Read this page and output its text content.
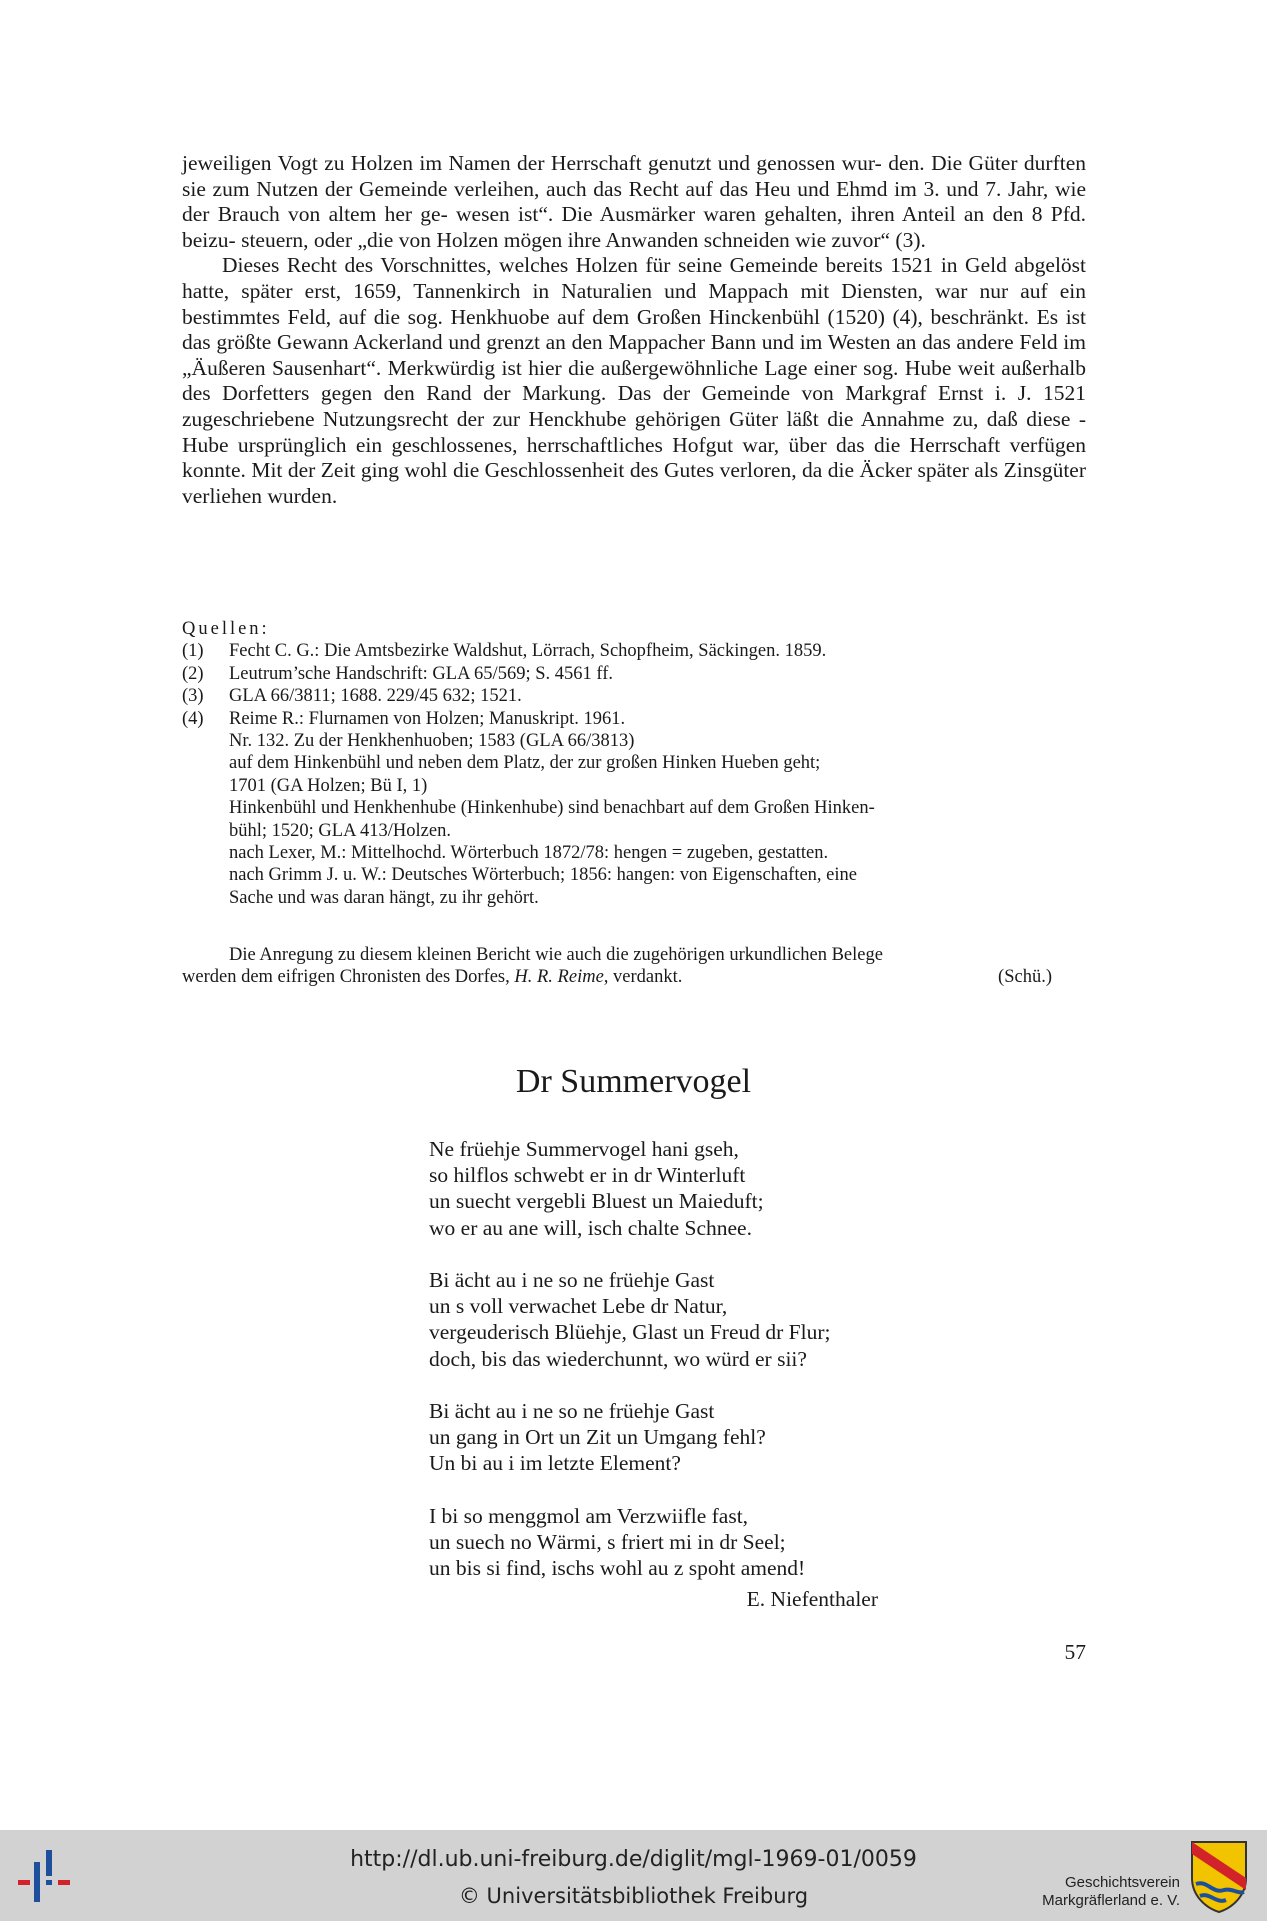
jeweiligen Vogt zu Holzen im Namen der Herrschaft genutzt und genossen wur- den. Die Güter durften sie zum Nutzen der Gemeinde verleihen, auch das Recht auf das Heu und Ehmd im 3. und 7. Jahr, wie der Brauch von altem her ge- wesen ist“. Die Ausmärker waren gehalten, ihren Anteil an den 8 Pfd. beizu- steuern, oder „die von Holzen mögen ihre Anwanden schneiden wie zuvor“ (3).

Dieses Recht des Vorschnittes, welches Holzen für seine Gemeinde bereits 1521 in Geld abgelöst hatte, später erst, 1659, Tannenkirch in Naturalien und Mappach mit Diensten, war nur auf ein bestimmtes Feld, auf die sog. Henkhuobe auf dem Großen Hinckenbühl (1520) (4), beschränkt. Es ist das größte Gewann Ackerland und grenzt an den Mappacher Bann und im Westen an das andere Feld im „Äußeren Sausenhart“. Merkwürdig ist hier die außergewöhnliche Lage einer sog. Hube weit außerhalb des Dorfetters gegen den Rand der Markung. Das der Gemeinde von Markgraf Ernst i. J. 1521 zugeschriebene Nutzungsrecht der zur Henckhube gehörigen Güter läßt die Annahme zu, daß diese -Hube ursprünglich ein geschlossenes, herrschaftliches Hofgut war, über das die Herrschaft verfügen konnte. Mit der Zeit ging wohl die Geschlossenheit des Gutes verloren, da die Äcker später als Zinsgüter verliehen wurden.

Quellen:
(1)	Fecht C. G.: Die Amtsbezirke Waldshut, Lörrach, Schopfheim, Säckingen. 1859.
(2)	Leutrum’sche Handschrift: GLA 65/569; S. 4561 ff.
(3)	GLA 66/3811; 1688. 229/45 632; 1521.
(4)	Reime R.: Flurnamen von Holzen; Manuskript. 1961.
Nr. 132. Zu der Henkhenhuoben; 1583 (GLA 66/3813)
auf dem Hinkenbühl und neben dem Platz, der zur großen Hinken Hueben geht;
1701 (GA Holzen; Bü I, 1)
Hinkenbühl und Henkhenhube (Hinkenhube) sind benachbart auf dem Großen Hinken-
bühl; 1520; GLA 413/Holzen.
nach Lexer, M.: Mittelhochd. Wörterbuch 1872/78: hengen = zugeben, gestatten.
nach Grimm J. u. W.: Deutsches Wörterbuch; 1856: hangen: von Eigenschaften, eine
Sache und was daran hängt, zu ihr gehört.
Die Anregung zu diesem kleinen Bericht wie auch die zugehörigen urkundlichen Belege
werden dem eifrigen Chronisten des Dorfes, H. R. Reime, verdankt.	(Schü.)
Dr Summervogel
Ne früehje Summervogel hani gseh,
so hilflos schwebt er in dr Winterluft
un suecht vergebli Bluest un Maieduft;
wo er au ane will, isch chalte Schnee.
Bi ächt au i ne so ne früehje Gast
un s voll verwachet Lebe dr Natur,
vergeuderisch Blüehje, Glast un Freud dr Flur;
doch, bis das wiederchunnt, wo würd er sii?
Bi ächt au i ne so ne früehje Gast
un gang in Ort un Zit un Umgang fehl?
Un bi au i im letzte Element?
I bi so menggmol am Verzwiifle fast,
un suech no Wärmi, s friert mi in dr Seel;
un bis si find, ischs wohl au z spoht amend!
E. Niefenthaler
57
http://dl.ub.uni-freiburg.de/diglit/mgl-1969-01/0059
© Universitätsbibliothek Freiburg
Geschichtsverein
Markgräflerland e. V.
